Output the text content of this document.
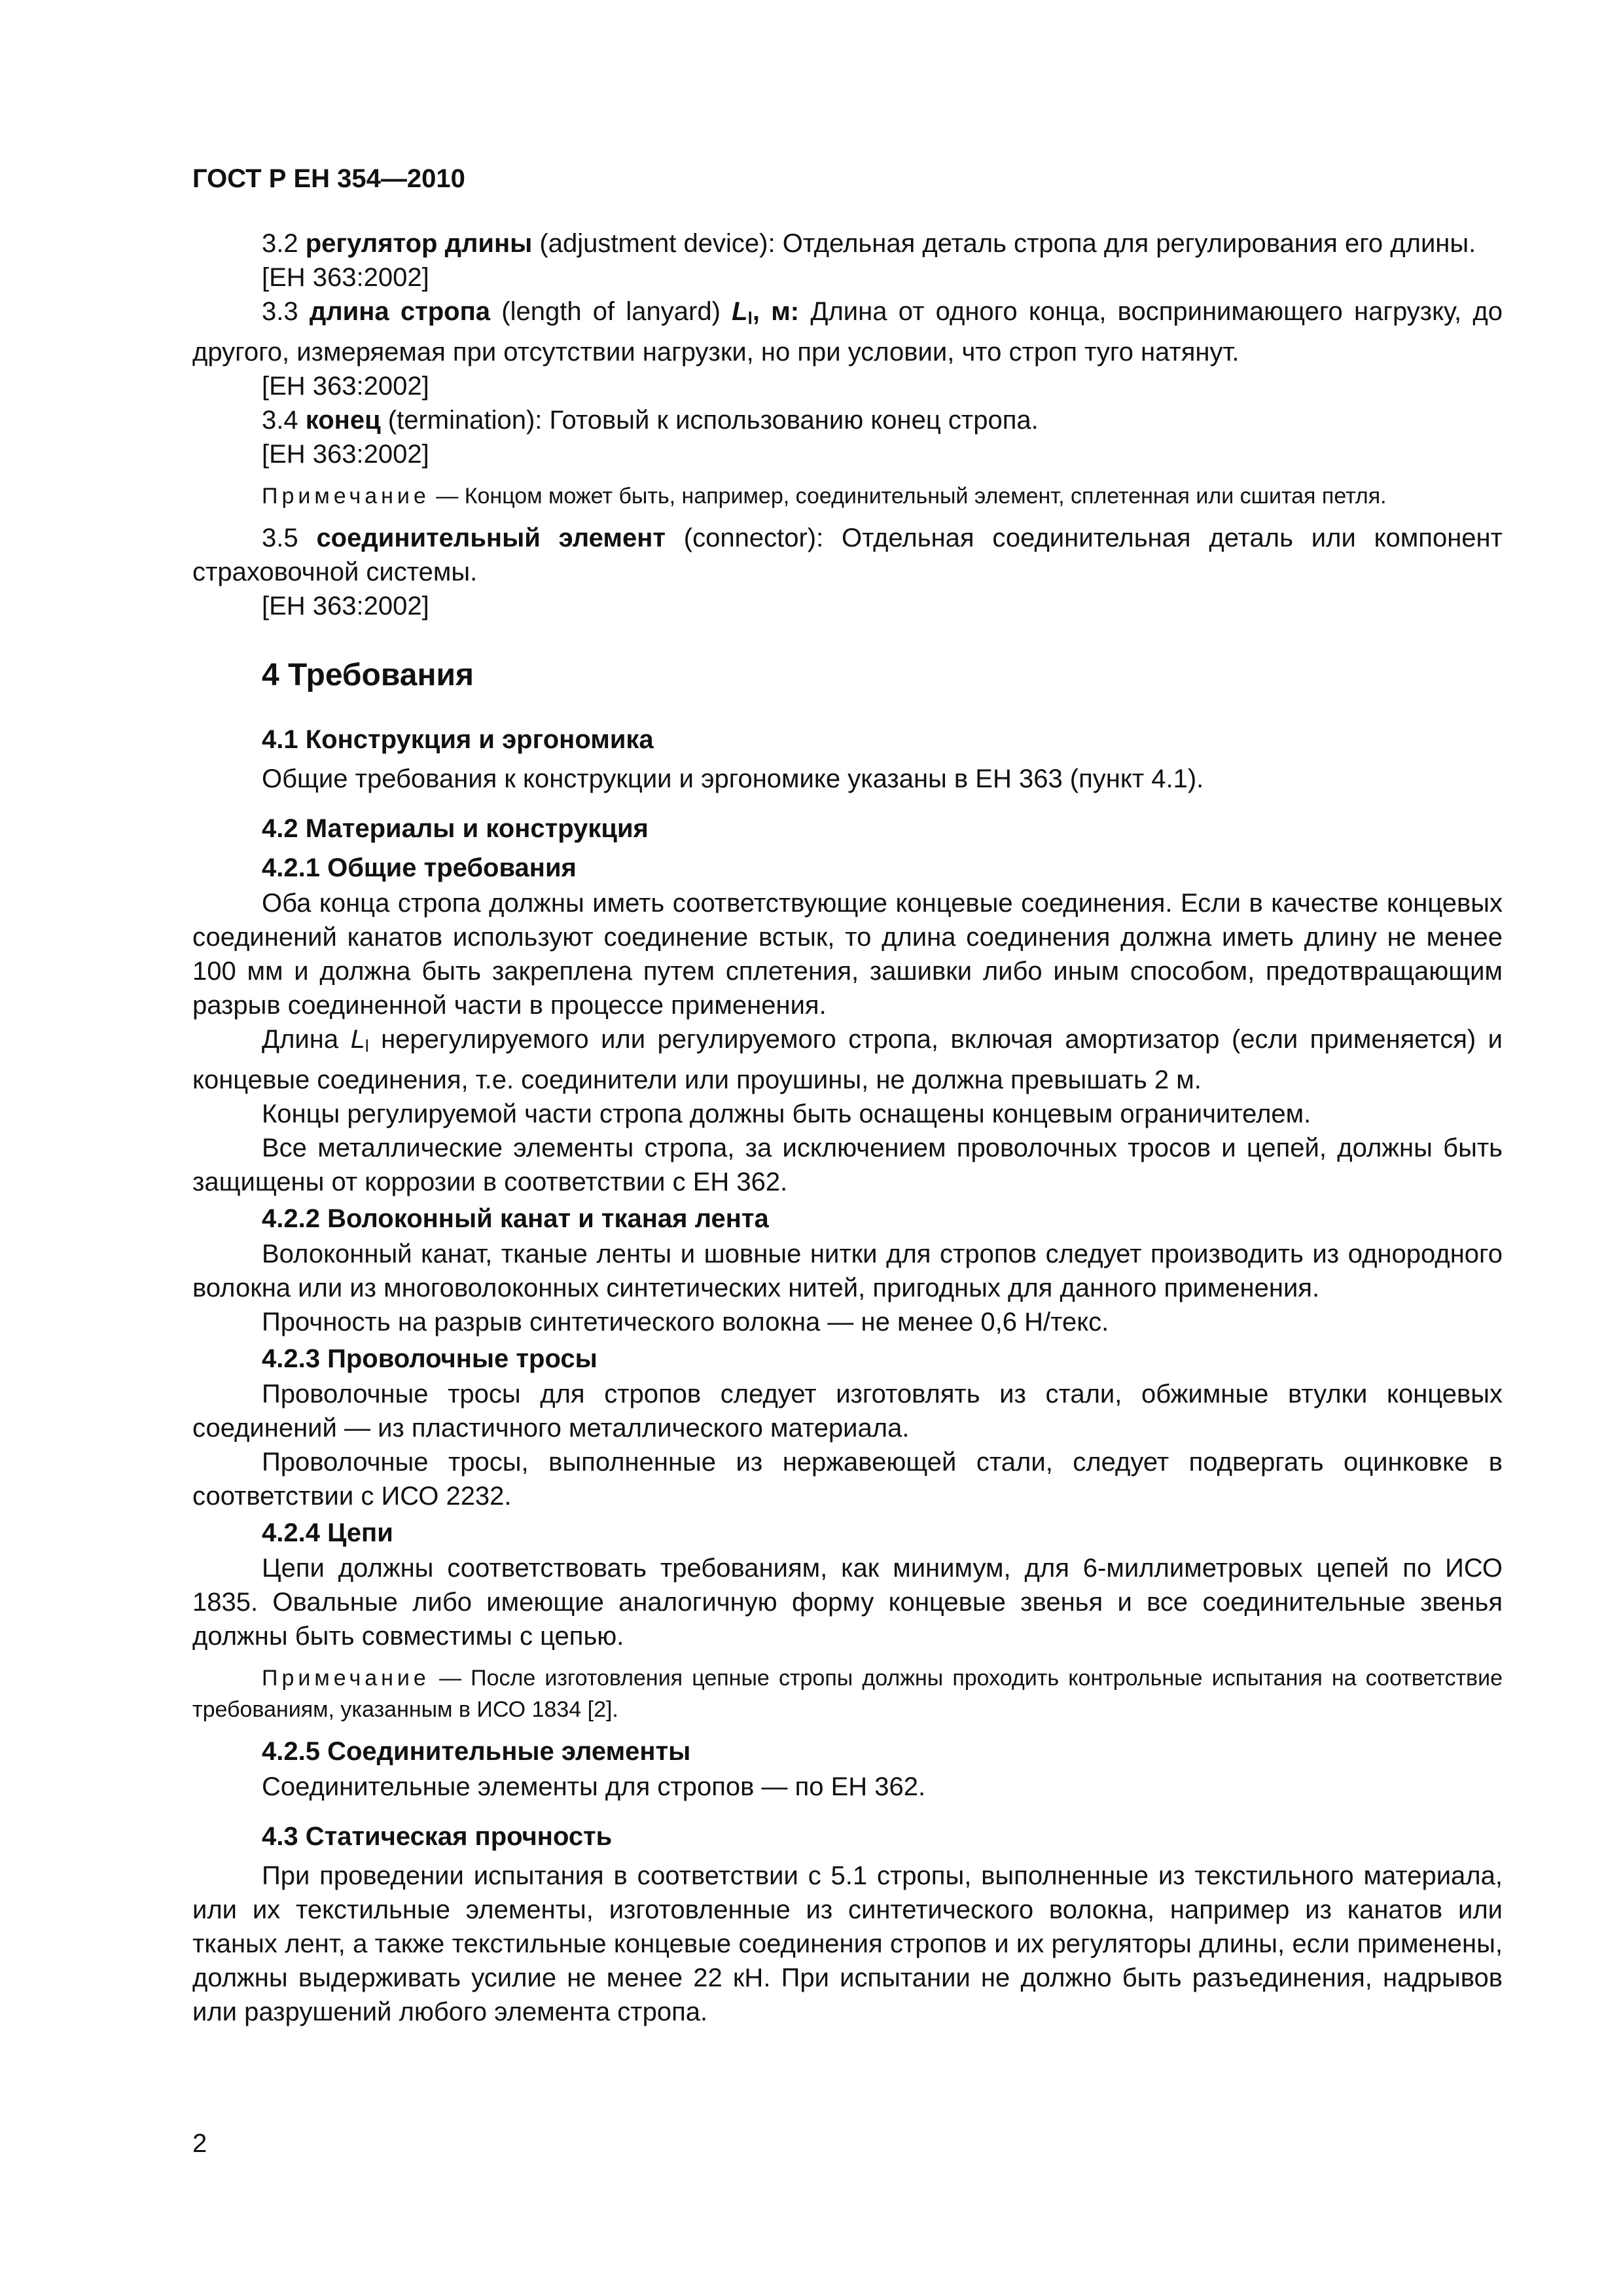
ГОСТ Р ЕН 354—2010

3.2 регулятор длины (adjustment device): Отдельная деталь стропа для регулирования его длины.

[ЕН 363:2002]

3.3 длина стропа (length of lanyard) Ll, м: Длина от одного конца, воспринимающего нагрузку, до другого, измеряемая при отсутствии нагрузки, но при условии, что строп туго натянут.

[ЕН 363:2002]

3.4 конец (termination): Готовый к использованию конец стропа.

[ЕН 363:2002]

Примечание — Концом может быть, например, соединительный элемент, сплетенная или сшитая петля.

3.5 соединительный элемент (connector): Отдельная соединительная деталь или компонент страховочной системы.

[ЕН 363:2002]

4 Требования
4.1 Конструкция и эргономика

Общие требования к конструкции и эргономике указаны в ЕН 363 (пункт 4.1).

4.2 Материалы и конструкция
4.2.1 Общие требования

Оба конца стропа должны иметь соответствующие концевые соединения. Если в качестве концевых соединений канатов используют соединение встык, то длина соединения должна иметь длину не менее 100 мм и должна быть закреплена путем сплетения, зашивки либо иным способом, предотвращающим разрыв соединенной части в процессе применения.

Длина Ll нерегулируемого или регулируемого стропа, включая амортизатор (если применяется) и концевые соединения, т.е. соединители или проушины, не должна превышать 2 м.

Концы регулируемой части стропа должны быть оснащены концевым ограничителем.

Все металлические элементы стропа, за исключением проволочных тросов и цепей, должны быть защищены от коррозии в соответствии с ЕН 362.

4.2.2 Волоконный канат и тканая лента

Волоконный канат, тканые ленты и шовные нитки для стропов следует производить из однородного волокна или из многоволоконных синтетических нитей, пригодных для данного применения.

Прочность на разрыв синтетического волокна — не менее 0,6 Н/текс.

4.2.3 Проволочные тросы

Проволочные тросы для стропов следует изготовлять из стали, обжимные втулки концевых соединений — из пластичного металлического материала.

Проволочные тросы, выполненные из нержавеющей стали, следует подвергать оцинковке в соответствии с ИСО 2232.

4.2.4 Цепи

Цепи должны соответствовать требованиям, как минимум, для 6-миллиметровых цепей по ИСО 1835. Овальные либо имеющие аналогичную форму концевые звенья и все соединительные звенья должны быть совместимы с цепью.

Примечание — После изготовления цепные стропы должны проходить контрольные испытания на соответствие требованиям, указанным в ИСО 1834 [2].

4.2.5 Соединительные элементы

Соединительные элементы для стропов — по ЕН 362.

4.3 Статическая прочность

При проведении испытания в соответствии с 5.1 стропы, выполненные из текстильного материала, или их текстильные элементы, изготовленные из синтетического волокна, например из канатов или тканых лент, а также текстильные концевые соединения стропов и их регуляторы длины, если применены, должны выдерживать усилие не менее 22 кН. При испытании не должно быть разъединения, надрывов или разрушений любого элемента стропа.

2
